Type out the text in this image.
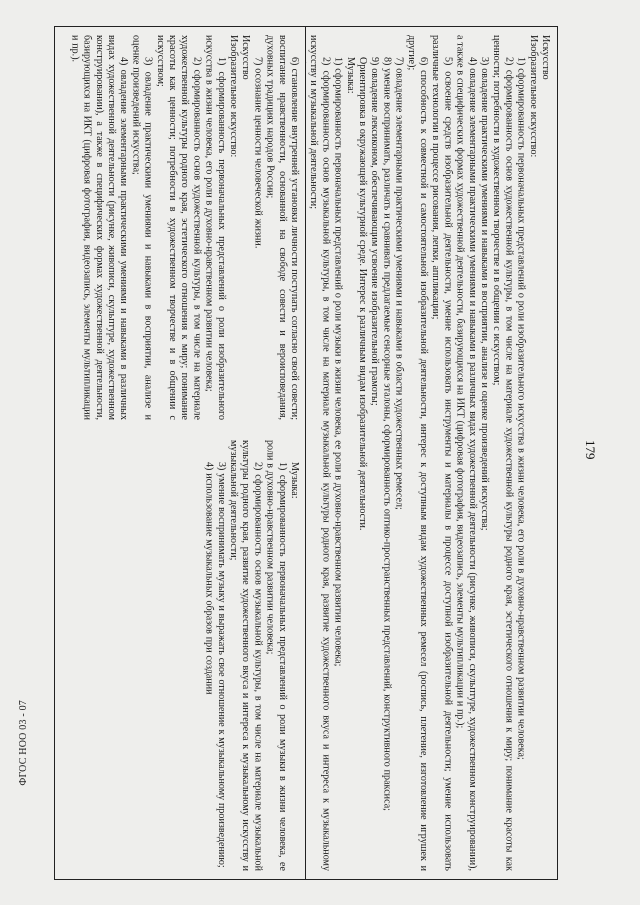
179

Искусство

Изобразительное искусство:

1) сформированность первоначальных представлений о роли изобразительного искусства в жизни человека, его роли в духовно-нравственном развитии человека;

2) сформированность основ художественной культуры, в том числе на материале художественной культуры родного края, эстетического отношения к миру; понимание красоты как ценности; потребности в художественном творчестве и в общении с искусством;

3) овладение практическими умениями и навыками в восприятии, анализе и оценке произведений искусства;

4) овладение элементарными практическими умениями и навыками в различных видах художественной деятельности (рисунке, живописи, скульптуре, художественном конструировании), а также в специфических формах художественной деятельности, базирующихся на ИКТ (цифровая фотография, видеозапись, элементы мультипликации и пр.);

5) освоение средств изобразительной деятельности, умение использовать инструменты и материалы в процессе доступной изобразительной деятельности; умение использовать различные технологии в процессе рисования, лепки, аппликации;

6) способность к совместной и самостоятельной изобразительной деятельности, интерес к доступным видам художественных ремесел (роспись, плетение, изготовление игрушек и другие);

7) овладение элементарными практическими умениями и навыками в области художественных ремесел;

8) умение воспринимать, различать и сравнивать предлагаемые сенсорные эталоны, сформированность оптико-пространственных представлений, конструктивного праксиса;

9) овладение лексиконом, обеспечивающим усвоение изобразительной грамоты;

Ориентировка в окружающей культурной среде. Интерес к различным видам изобразительной деятельности.

Музыка:

1) сформированность первоначальных представлений о роли музыки в жизни человека, ее роли в духовно-нравственном развитии человека;

2) сформированность основ музыкальной культуры, в том числе на материале музыкальной культуры родного края, развитие художественного вкуса и интереса к музыкальному искусству и музыкальной деятельности;

6) становление внутренней установки личности поступать согласно своей совести; воспитание нравственности, основанной на свободе совести и вероисповедания, духовных традициях народов России;

7) осознание ценности человеческой жизни.

Искусство

Изобразительное искусство:

1) сформированность первоначальных представлений о роли изобразительного искусства в жизни человека, его роли в духовно-нравственном развитии человека;

2) сформированность основ художественной культуры, в том числе на материале художественной культуры родного края, эстетического отношения к миру; понимание красоты как ценности; потребности в художественном творчестве и в общении с искусством;

3) овладение практическими умениями и навыками в восприятии, анализе и оценке произведений искусства;

4) овладение элементарными практическими умениями и навыками в различных видах художественной деятельности (рисунке, живописи, скульптуре, художественном конструировании), а также в специфических формах художественной деятельности, базирующихся на ИКТ (цифровая фотография, видеозапись, элементы мультипликации и пр.).

Музыка:

1) сформированность первоначальных представлений о роли музыки в жизни человека, ее роли в духовно-нравственном развитии человека;

2) сформированность основ музыкальной культуры, в том числе на материале музыкальной культуры родного края, развитие художественного вкуса и интереса к музыкальному искусству и музыкальной деятельности;

3) умение воспринимать музыку и выражать свое отношение к музыкальному произведению;

4) использование музыкальных образов при создании

ФГОС НОО 03 - 07
